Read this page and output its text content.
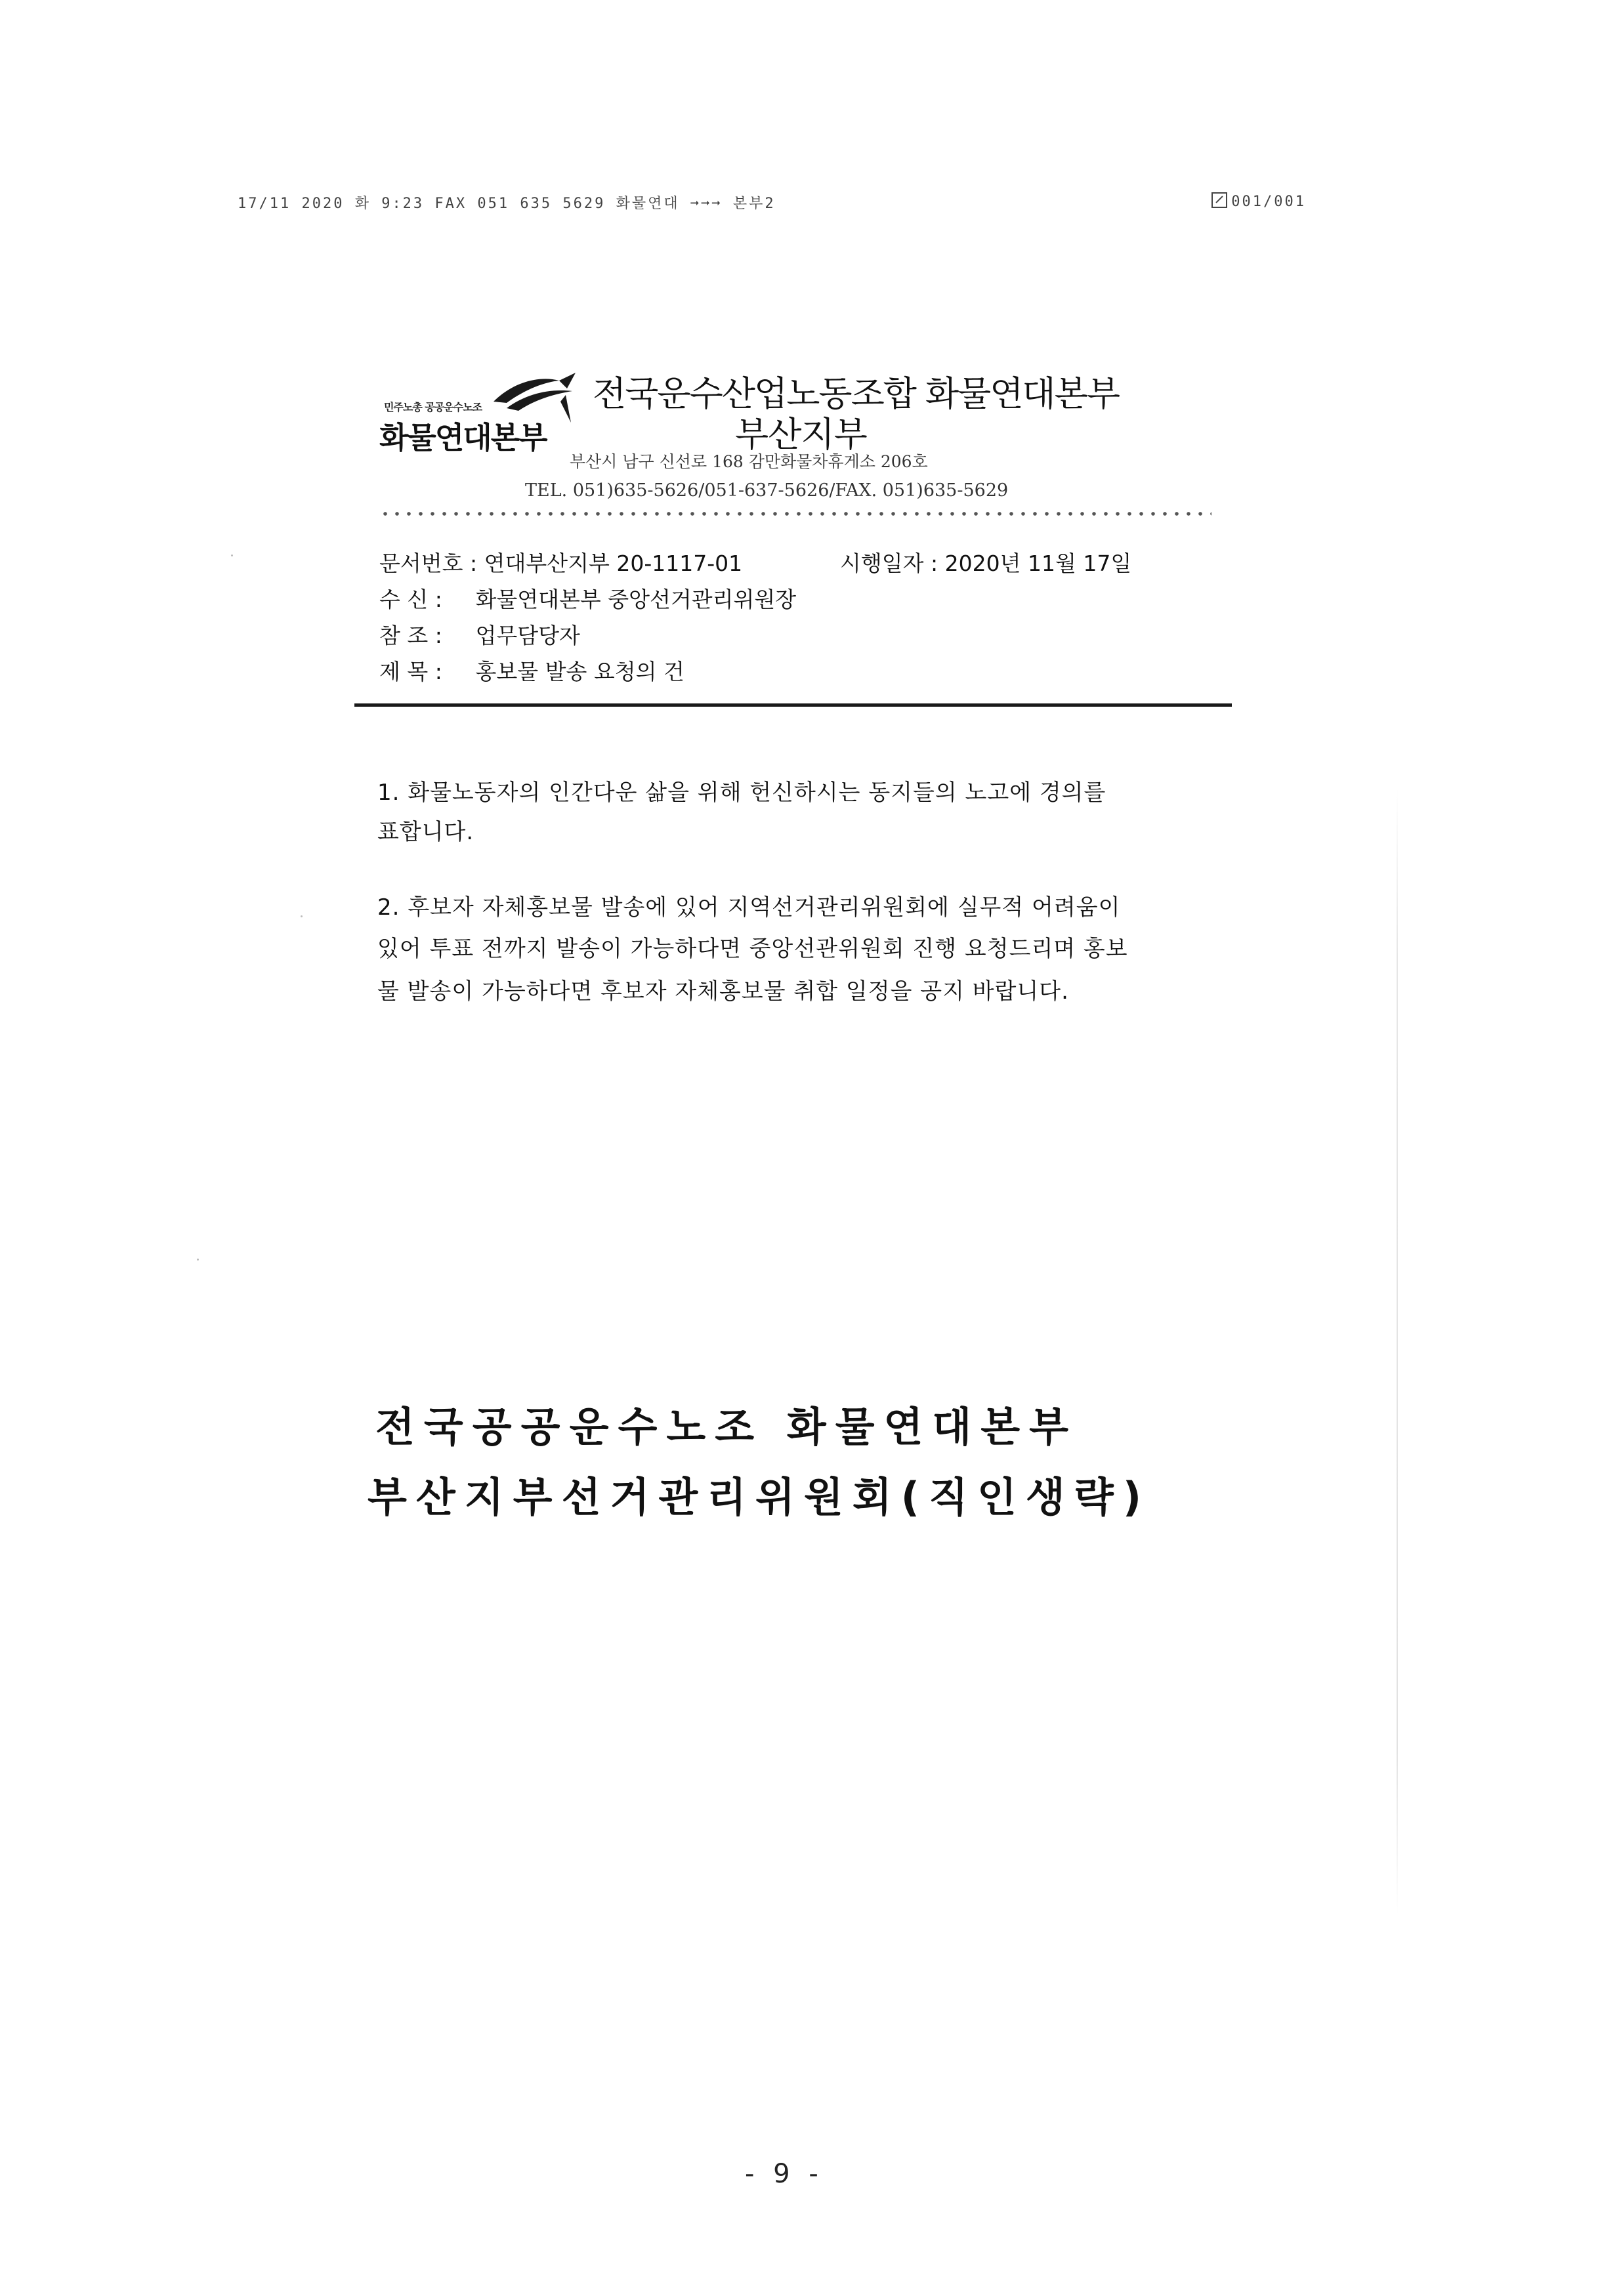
17/11 2020 화 9:23 FAX 051 635 5629 화물연대 ➞➞➞ 본부2	001/001
민주노총 공공운수노조
화물연대본부
전국운수산업노동조합 화물연대본부
부산지부
부산시 남구 신선로 168 감만화물차휴게소 206호
TEL. 051)635-5626/051-637-5626/FAX. 051)635-5629
문서번호 : 연대부산지부 20-1117-01	시행일자 : 2020년 11월 17일
수 신 : 화물연대본부 중앙선거관리위원장
참 조 : 업무담당자
제 목 : 홍보물 발송 요청의 건
1. 화물노동자의 인간다운 삶을 위해 헌신하시는 동지들의 노고에 경의를
표합니다.
2. 후보자 자체홍보물 발송에 있어 지역선거관리위원회에 실무적 어려움이
있어 투표 전까지 발송이 가능하다면 중앙선관위원회 진행 요청드리며 홍보
물 발송이 가능하다면 후보자 자체홍보물 취합 일정을 공지 바랍니다.
전국공공운수노조 화물연대본부
부산지부선거관리위원회(직인생략)
- 9 -
